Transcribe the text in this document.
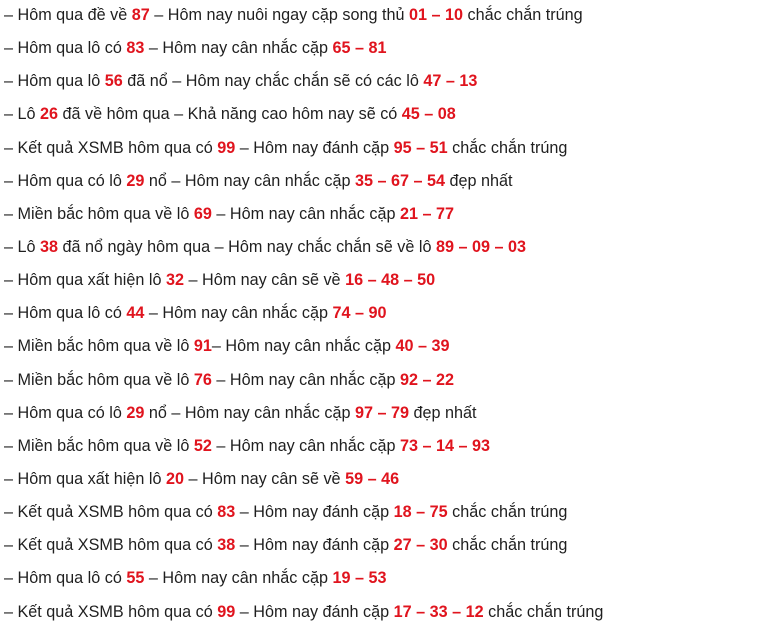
– Hôm qua đề về 87 – Hôm nay nuôi ngay cặp song thủ 01 – 10 chắc chắn trúng
– Hôm qua lô có 83 – Hôm nay cân nhắc cặp 65 – 81
– Hôm qua lô 56 đã nổ – Hôm nay chắc chắn sẽ có các lô 47 – 13
– Lô 26 đã về hôm qua – Khả năng cao hôm nay sẽ có 45 – 08
– Kết quả XSMB hôm qua có 99 – Hôm nay đánh cặp 95 – 51 chắc chắn trúng
– Hôm qua có lô 29 nổ – Hôm nay cân nhắc cặp 35 – 67 – 54 đẹp nhất
– Miền bắc hôm qua về lô 69 – Hôm nay cân nhắc cặp 21 – 77
– Lô 38 đã nổ ngày hôm qua – Hôm nay chắc chắn sẽ về lô 89 – 09 – 03
– Hôm qua xất hiện lô 32 – Hôm nay cân sẽ về 16 – 48 – 50
– Hôm qua lô có 44 – Hôm nay cân nhắc cặp 74 – 90
– Miền bắc hôm qua về lô 91– Hôm nay cân nhắc cặp 40 – 39
– Miền bắc hôm qua về lô 76 – Hôm nay cân nhắc cặp 92 – 22
– Hôm qua có lô 29 nổ – Hôm nay cân nhắc cặp 97 – 79 đẹp nhất
– Miền bắc hôm qua về lô 52 – Hôm nay cân nhắc cặp 73 – 14 – 93
– Hôm qua xất hiện lô 20 – Hôm nay cân sẽ về 59 – 46
– Kết quả XSMB hôm qua có 83 – Hôm nay đánh cặp 18 – 75 chắc chắn trúng
– Kết quả XSMB hôm qua có 38 – Hôm nay đánh cặp 27 – 30 chắc chắn trúng
– Hôm qua lô có 55 – Hôm nay cân nhắc cặp 19 – 53
– Kết quả XSMB hôm qua có 99 – Hôm nay đánh cặp 17 – 33 – 12 chắc chắn trúng
